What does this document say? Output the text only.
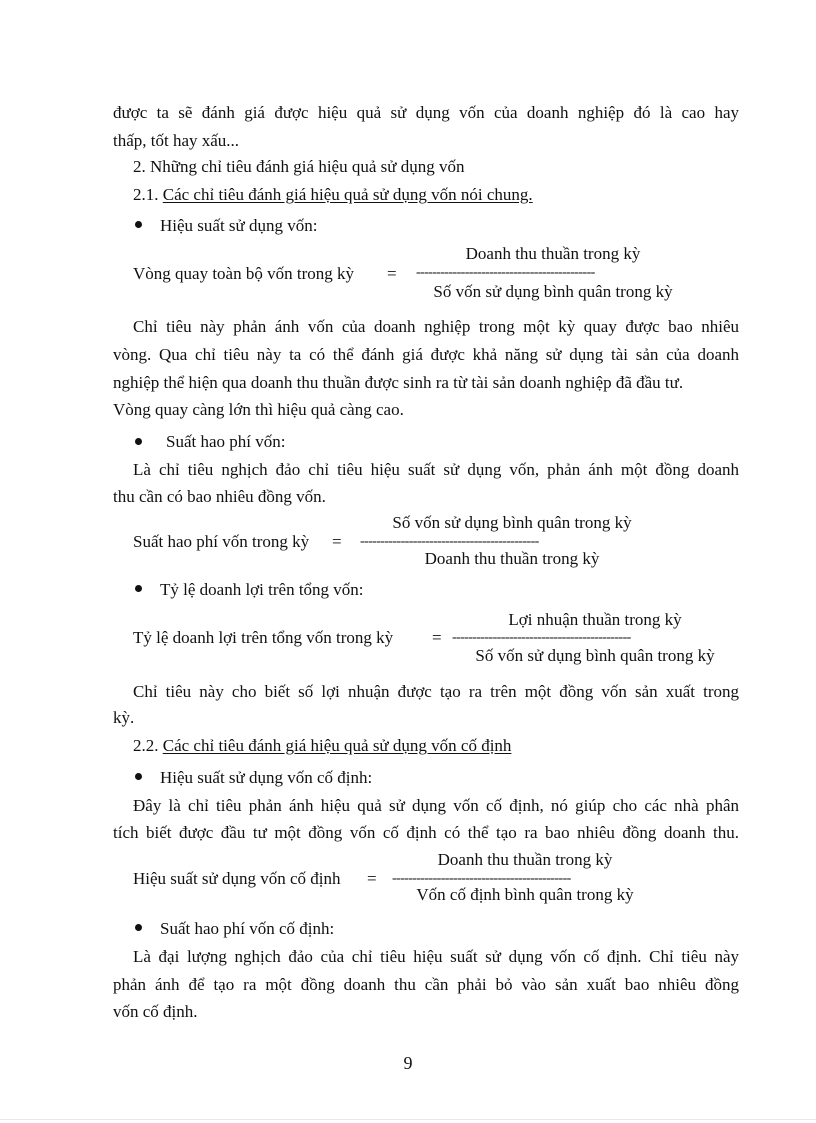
được ta sẽ đánh giá được hiệu quả sử dụng vốn của doanh nghiệp đó là cao hay
thấp, tốt hay xấu...
2. Những chỉ tiêu đánh giá hiệu quả sử dụng vốn
2.1. Các chỉ tiêu đánh giá hiệu quả sử dụng vốn nói chung.
Hiệu suất sử dụng vốn:
Vòng quay toàn bộ vốn trong kỳ =
Doanh thu thuần trong kỳ
--------------------------------------------
Số vốn sử dụng bình quân trong kỳ
Chỉ tiêu này phản ánh vốn của doanh nghiệp trong một kỳ quay được bao nhiêu
vòng. Qua chỉ tiêu này ta có thể đánh giá được khả năng sử dụng tài sản của doanh
nghiệp thể hiện qua doanh thu thuần được sinh ra từ tài sản doanh nghiệp đã đầu tư.
Vòng quay càng lớn thì hiệu quả càng cao.
Suất hao phí vốn:
Là chỉ tiêu nghịch đảo chỉ tiêu hiệu suất sử dụng vốn, phản ánh một đồng doanh
thu cần có bao nhiêu đồng vốn.
Số vốn sử dụng bình quân trong kỳ
Suất hao phí vốn trong kỳ = --------------------------------------------
Doanh thu thuần trong kỳ
Tỷ lệ doanh lợi trên tổng vốn:
Lợi nhuận thuần trong kỳ
Tỷ lệ doanh lợi trên tổng vốn trong kỳ = --------------------------------------------
Số vốn sử dụng bình quân trong kỳ
Chỉ tiêu này cho biết số lợi nhuận được tạo ra trên một đồng vốn sản xuất trong
kỳ.
2.2. Các chỉ tiêu đánh giá hiệu quả sử dụng vốn cố định
Hiệu suất sử dụng vốn cố định:
Đây là chỉ tiêu phản ánh hiệu quả sử dụng vốn cố định, nó giúp cho các nhà phân
tích biết được đầu tư một đồng vốn cố định có thể tạo ra bao nhiêu đồng doanh thu.
Doanh thu thuần trong kỳ
Hiệu suất sử dụng vốn cố định = --------------------------------------------
Vốn cố định bình quân trong kỳ
Suất hao phí vốn cố định:
Là đại lượng nghịch đảo của chỉ tiêu hiệu suất sử dụng vốn cố định. Chỉ tiêu này
phản ánh để tạo ra một đồng doanh thu cần phải bỏ vào sản xuất bao nhiêu đồng
vốn cố định.
9
